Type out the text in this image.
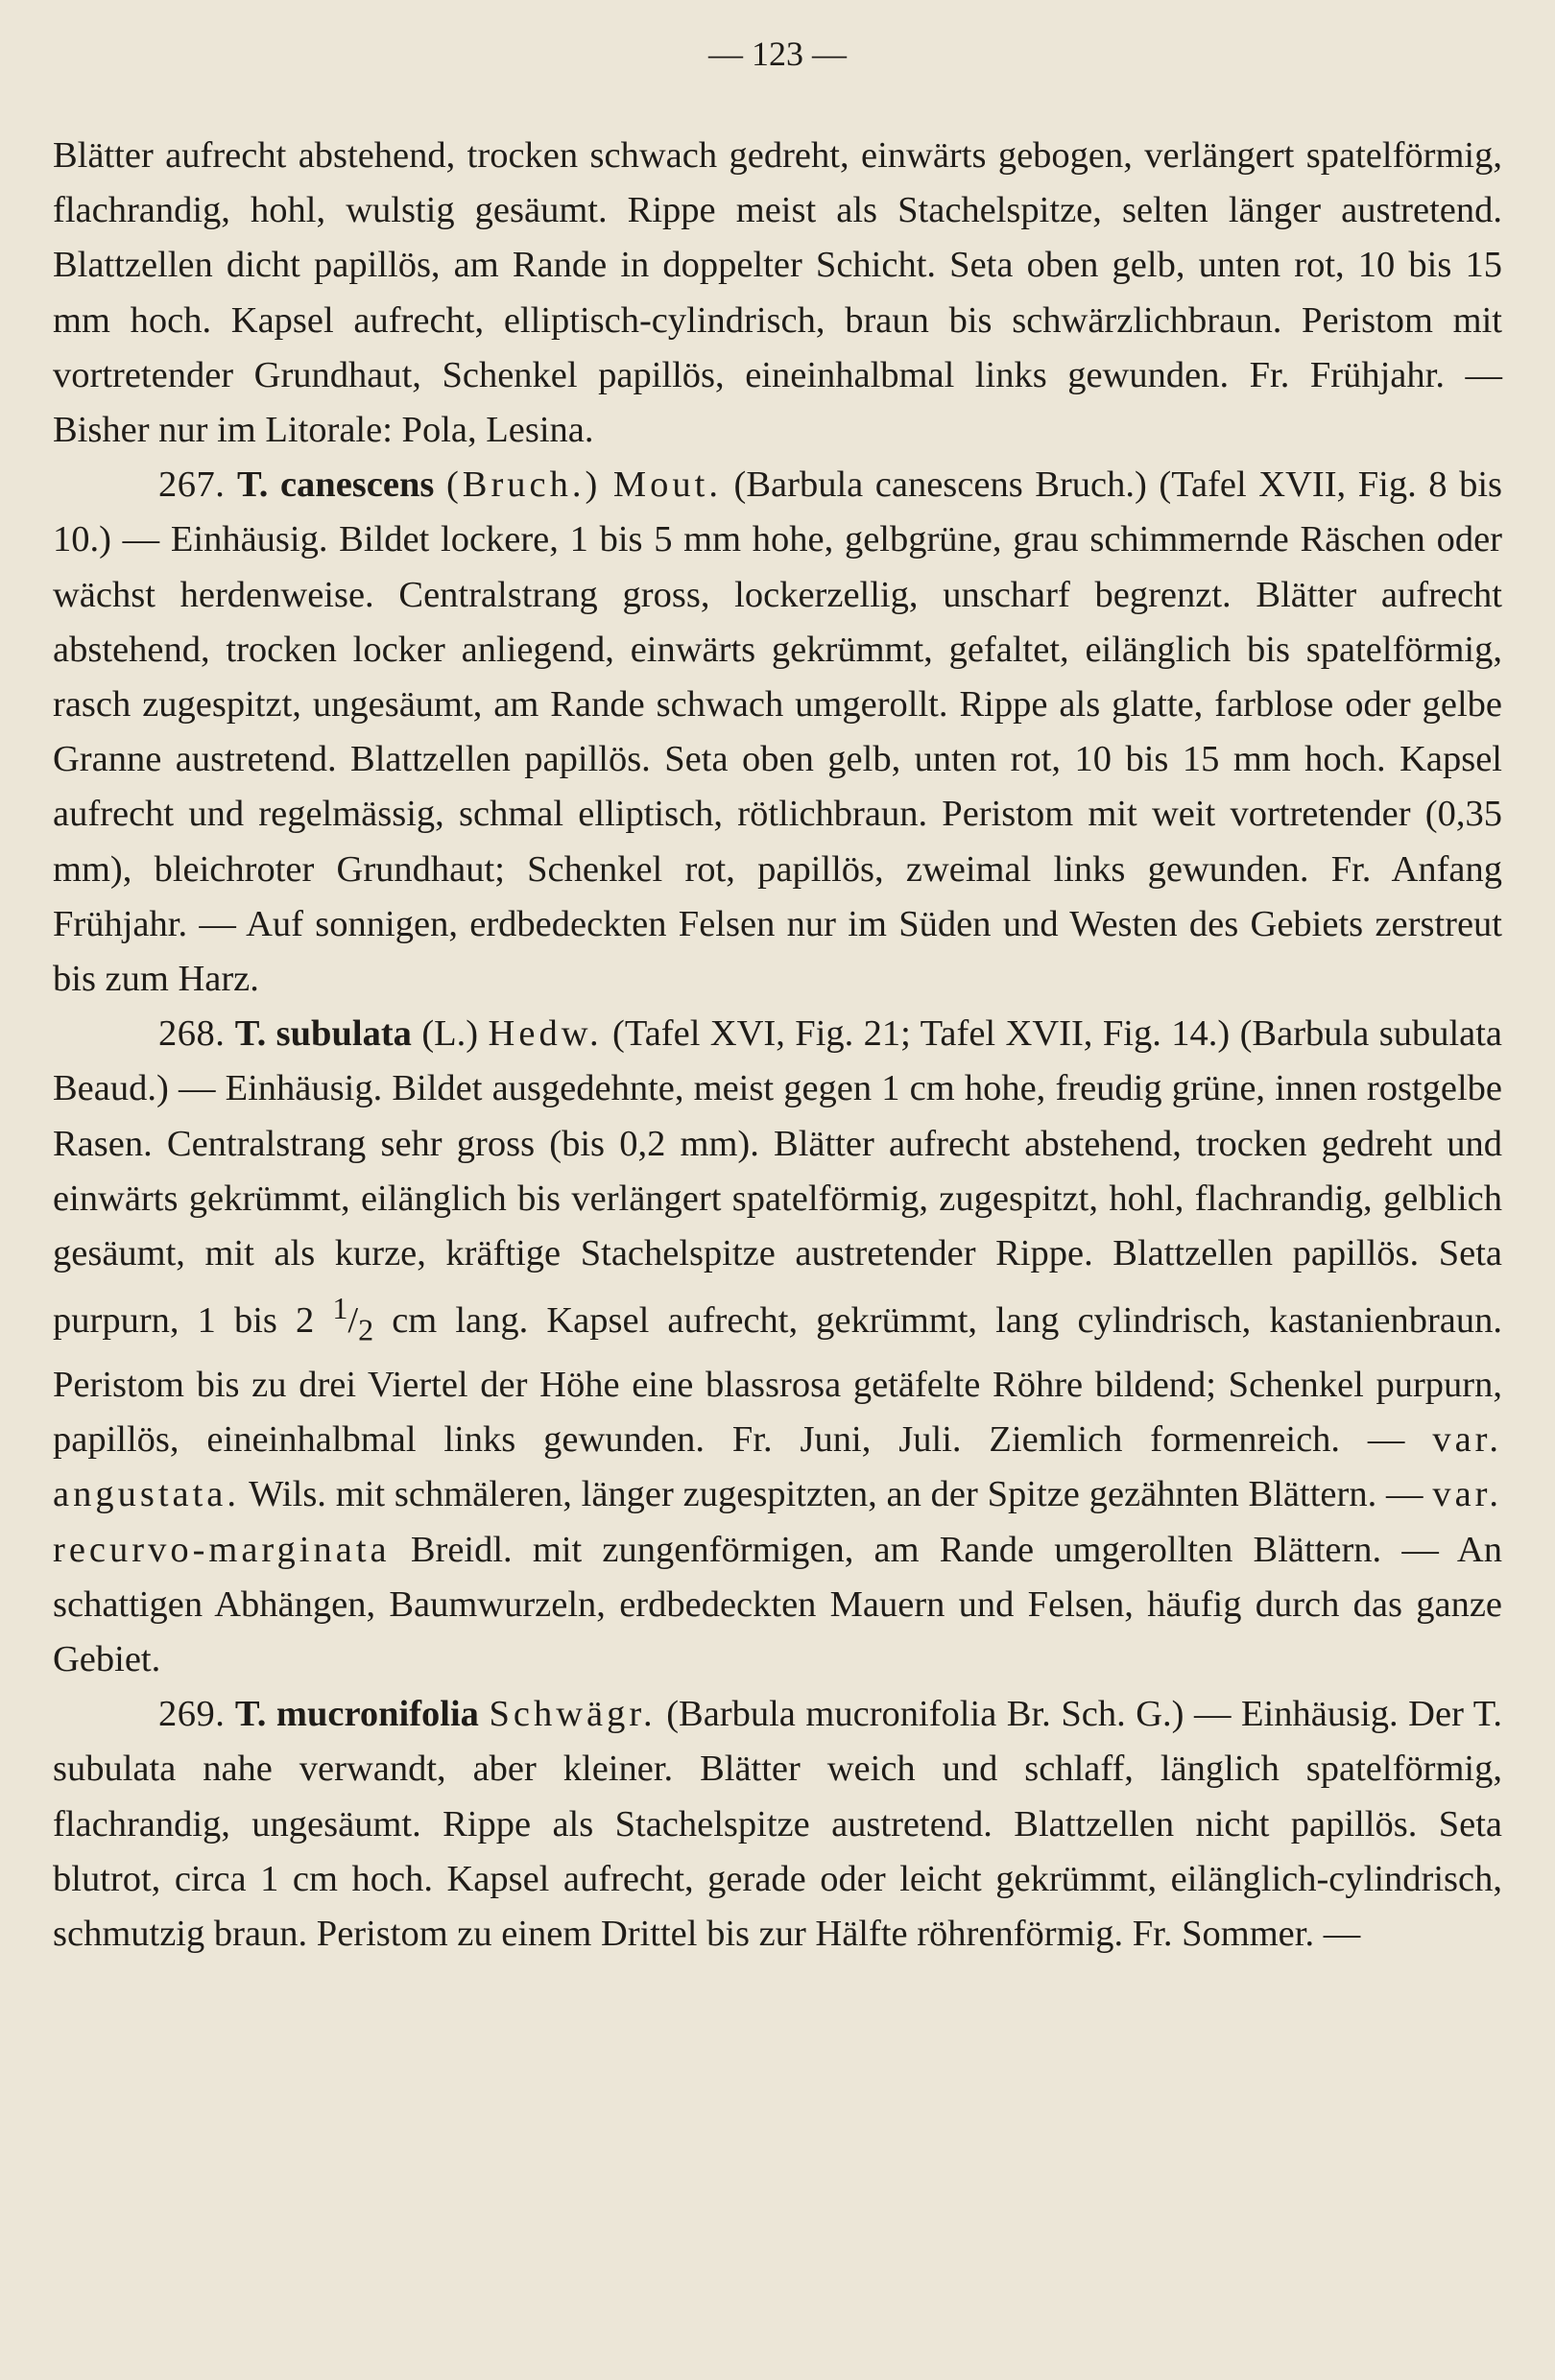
— 123 —

Blätter aufrecht abstehend, trocken schwach gedreht, einwärts gebogen, verlängert spatelförmig, flachrandig, hohl, wulstig gesäumt. Rippe meist als Stachelspitze, selten länger austretend. Blattzellen dicht papillös, am Rande in doppelter Schicht. Seta oben gelb, unten rot, 10 bis 15 mm hoch. Kapsel aufrecht, elliptisch-cylindrisch, braun bis schwärzlichbraun. Peristom mit vortretender Grundhaut, Schenkel papillös, eineinhalbmal links gewunden. Fr. Frühjahr. — Bisher nur im Litorale: Pola, Lesina.

267. T. canescens (Bruch.) Mout. (Barbula canescens Bruch.) (Tafel XVII, Fig. 8 bis 10.) — Einhäusig. Bildet lockere, 1 bis 5 mm hohe, gelbgrüne, grau schimmernde Räschen oder wächst herdenweise. Centralstrang gross, lockerzellig, unscharf begrenzt. Blätter aufrecht abstehend, trocken locker anliegend, einwärts gekrümmt, gefaltet, eilänglich bis spatelförmig, rasch zugespitzt, ungesäumt, am Rande schwach umgerollt. Rippe als glatte, farblose oder gelbe Granne austretend. Blattzellen papillös. Seta oben gelb, unten rot, 10 bis 15 mm hoch. Kapsel aufrecht und regelmässig, schmal elliptisch, rötlichbraun. Peristom mit weit vortretender (0,35 mm), bleichroter Grundhaut; Schenkel rot, papillös, zweimal links gewunden. Fr. Anfang Frühjahr. — Auf sonnigen, erdbedeckten Felsen nur im Süden und Westen des Gebiets zerstreut bis zum Harz.

268. T. subulata (L.) Hedw. (Tafel XVI, Fig. 21; Tafel XVII, Fig. 14.) (Barbula subulata Beaud.) — Einhäusig. Bildet ausgedehnte, meist gegen 1 cm hohe, freudig grüne, innen rostgelbe Rasen. Centralstrang sehr gross (bis 0,2 mm). Blätter aufrecht abstehend, trocken gedreht und einwärts gekrümmt, eilänglich bis verlängert spatelförmig, zugespitzt, hohl, flachrandig, gelblich gesäumt, mit als kurze, kräftige Stachelspitze austretender Rippe. Blattzellen papillös. Seta purpurn, 1 bis 2 $^1/_2$ cm lang. Kapsel aufrecht, gekrümmt, lang cylindrisch, kastanienbraun. Peristom bis zu drei Viertel der Höhe eine blassrosa getäfelte Röhre bildend; Schenkel purpurn, papillös, eineinhalbmal links gewunden. Fr. Juni, Juli. Ziemlich formenreich. — var. angustata. Wils. mit schmäleren, länger zugespitzten, an der Spitze gezähnten Blättern. — var. recurvo-marginata Breidl. mit zungenförmigen, am Rande umgerollten Blättern. — An schattigen Abhängen, Baumwurzeln, erdbedeckten Mauern und Felsen, häufig durch das ganze Gebiet.

269. T. mucronifolia Schwägr. (Barbula mucronifolia Br. Sch. G.) — Einhäusig. Der T. subulata nahe verwandt, aber kleiner. Blätter weich und schlaff, länglich spatelförmig, flachrandig, ungesäumt. Rippe als Stachelspitze austretend. Blattzellen nicht papillös. Seta blutrot, circa 1 cm hoch. Kapsel aufrecht, gerade oder leicht gekrümmt, eilänglich-cylindrisch, schmutzig braun. Peristom zu einem Drittel bis zur Hälfte röhrenförmig. Fr. Sommer. —
